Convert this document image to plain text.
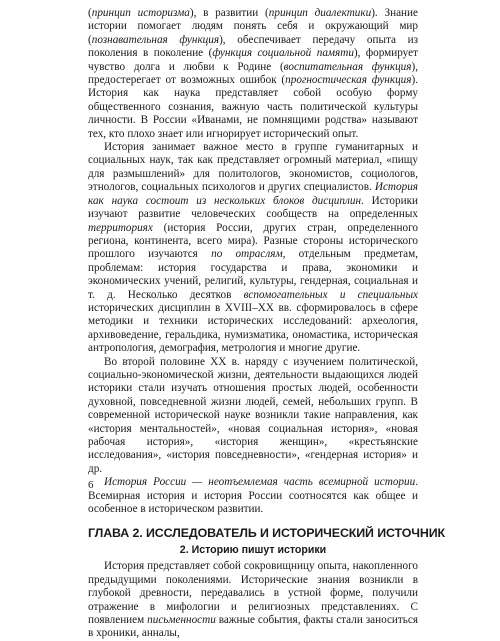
(принцип историзма), в развитии (принцип диалектики). Знание истории помогает людям понять себя и окружающий мир (познавательная функция), обеспечивает передачу опыта из поколения в поколение (функция социальной памяти), формирует чувство долга и любви к Родине (воспитательная функция), предостерегает от возможных ошибок (прогностическая функция). История как наука представляет собой особую форму общественного сознания, важную часть политической культуры личности. В России «Иванами, не помнящими родства» называют тех, кто плохо знает или игнорирует исторический опыт.

История занимает важное место в группе гуманитарных и социальных наук, так как представляет огромный материал, «пищу для размышлений» для политологов, экономистов, социологов, этнологов, социальных психологов и других специалистов. История как наука состоит из нескольких блоков дисциплин. Историки изучают развитие человеческих сообществ на определенных территориях (история России, других стран, определенного региона, континента, всего мира). Разные стороны исторического прошлого изучаются по отраслям, отдельным предметам, проблемам: история государства и права, экономики и экономических учений, религий, культуры, гендерная, социальная и т. д. Несколько десятков вспомогательных и специальных исторических дисциплин в XVIII–XX вв. сформировалось в сфере методики и техники исторических исследований: археология, архивоведение, геральдика, нумизматика, ономастика, историческая антропология, демография, метрология и многие другие.

Во второй половине XX в. наряду с изучением политической, социально-экономической жизни, деятельности выдающихся людей историки стали изучать отношения простых людей, особенности духовной, повседневной жизни людей, семей, небольших групп. В современной исторической науке возникли такие направления, как «история ментальностей», «новая социальная история», «новая рабочая история», «история женщин», «крестьянские исследования», «история повседневности», «гендерная история» и др.

История России — неотъемлемая часть всемирной истории. Всемирная история и история России соотносятся как общее и особенное в историческом развитии.

ГЛАВА 2. ИССЛЕДОВАТЕЛЬ И ИСТОРИЧЕСКИЙ ИСТОЧНИК
2. Историю пишут историки

История представляет собой сокровищницу опыта, накопленного предыдущими поколениями. Исторические знания возникли в глубокой древности, передавались в устной форме, получили отражение в мифологии и религиозных представлениях. С появлением письменности важные события, факты стали заноситься в хроники, анналы,

6
